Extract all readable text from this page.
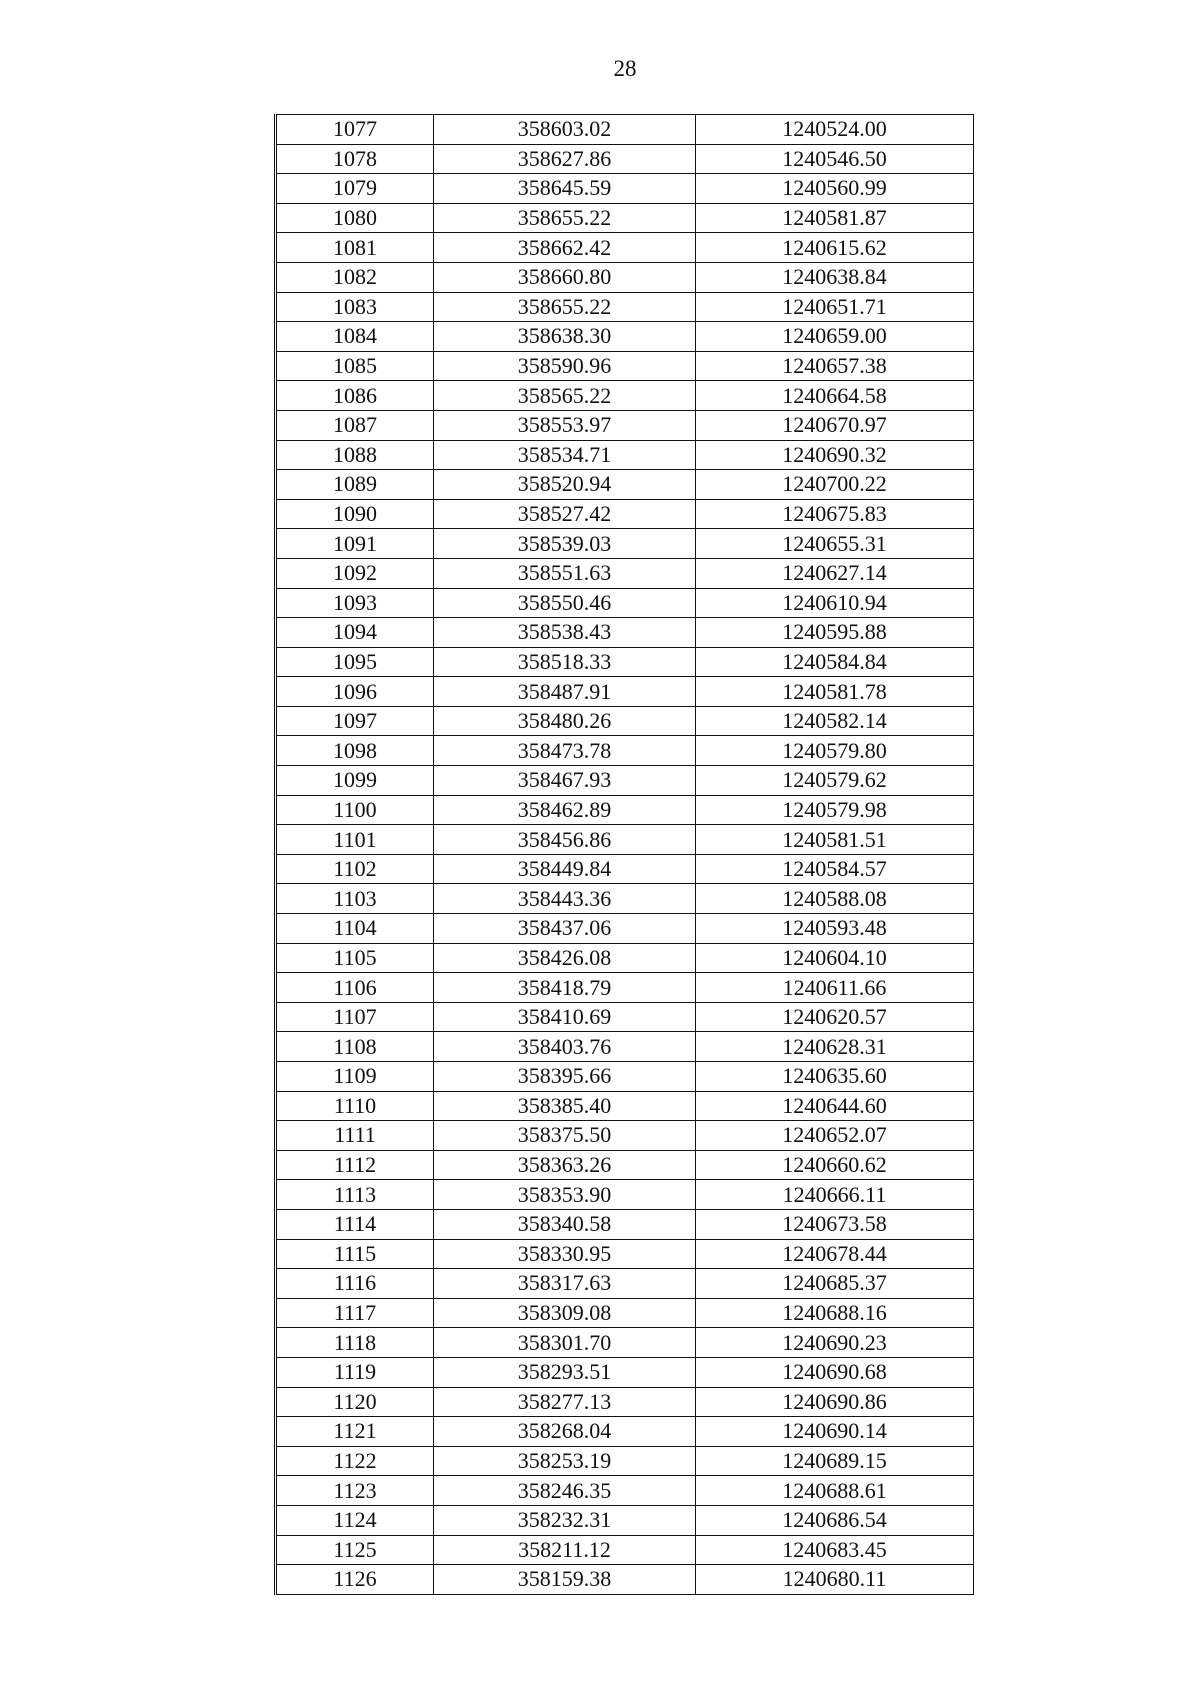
28
1077	358603.02	1240524.00
1078	358627.86	1240546.50
1079	358645.59	1240560.99
1080	358655.22	1240581.87
1081	358662.42	1240615.62
1082	358660.80	1240638.84
1083	358655.22	1240651.71
1084	358638.30	1240659.00
1085	358590.96	1240657.38
1086	358565.22	1240664.58
1087	358553.97	1240670.97
1088	358534.71	1240690.32
1089	358520.94	1240700.22
1090	358527.42	1240675.83
1091	358539.03	1240655.31
1092	358551.63	1240627.14
1093	358550.46	1240610.94
1094	358538.43	1240595.88
1095	358518.33	1240584.84
1096	358487.91	1240581.78
1097	358480.26	1240582.14
1098	358473.78	1240579.80
1099	358467.93	1240579.62
1100	358462.89	1240579.98
1101	358456.86	1240581.51
1102	358449.84	1240584.57
1103	358443.36	1240588.08
1104	358437.06	1240593.48
1105	358426.08	1240604.10
1106	358418.79	1240611.66
1107	358410.69	1240620.57
1108	358403.76	1240628.31
1109	358395.66	1240635.60
1110	358385.40	1240644.60
1111	358375.50	1240652.07
1112	358363.26	1240660.62
1113	358353.90	1240666.11
1114	358340.58	1240673.58
1115	358330.95	1240678.44
1116	358317.63	1240685.37
1117	358309.08	1240688.16
1118	358301.70	1240690.23
1119	358293.51	1240690.68
1120	358277.13	1240690.86
1121	358268.04	1240690.14
1122	358253.19	1240689.15
1123	358246.35	1240688.61
1124	358232.31	1240686.54
1125	358211.12	1240683.45
1126	358159.38	1240680.11
